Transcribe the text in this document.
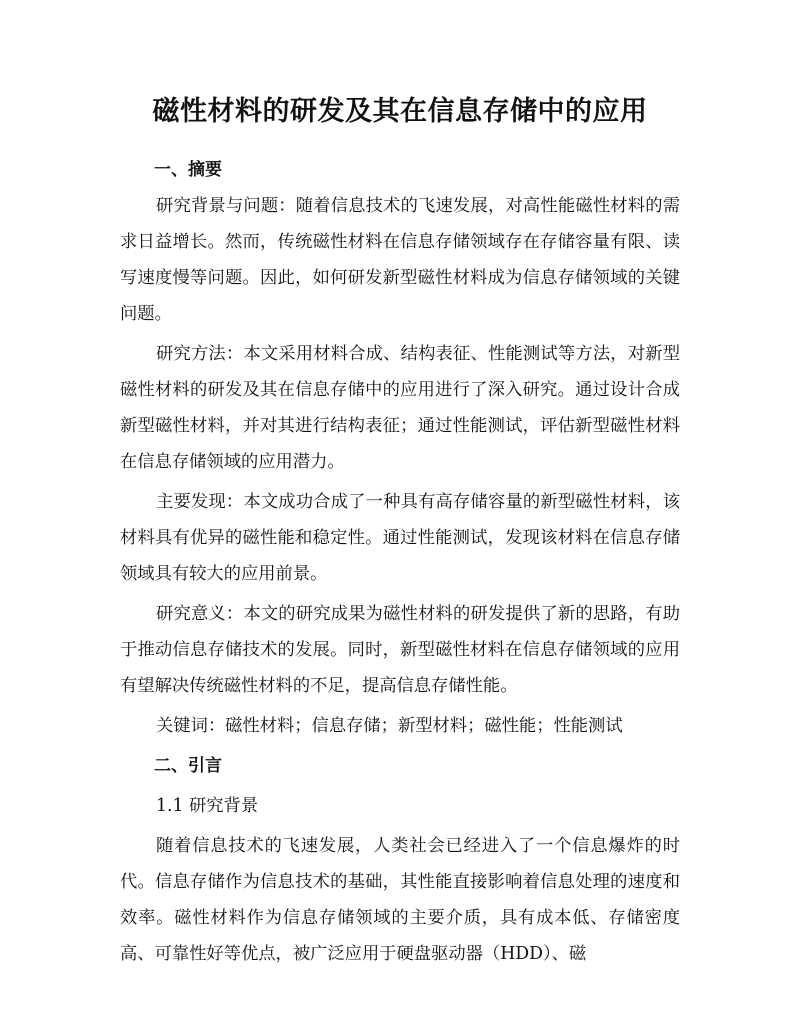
磁性材料的研发及其在信息存储中的应用
一、摘要

研究背景与问题：随着信息技术的飞速发展，对高性能磁性材料的需求日益增长。然而，传统磁性材料在信息存储领域存在存储容量有限、读写速度慢等问题。因此，如何研发新型磁性材料成为信息存储领域的关键问题。

研究方法：本文采用材料合成、结构表征、性能测试等方法，对新型磁性材料的研发及其在信息存储中的应用进行了深入研究。通过设计合成新型磁性材料，并对其进行结构表征；通过性能测试，评估新型磁性材料在信息存储领域的应用潜力。

主要发现：本文成功合成了一种具有高存储容量的新型磁性材料，该材料具有优异的磁性能和稳定性。通过性能测试，发现该材料在信息存储领域具有较大的应用前景。

研究意义：本文的研究成果为磁性材料的研发提供了新的思路，有助于推动信息存储技术的发展。同时，新型磁性材料在信息存储领域的应用有望解决传统磁性材料的不足，提高信息存储性能。

关键词：磁性材料；信息存储；新型材料；磁性能；性能测试

二、引言

1.1 研究背景

随着信息技术的飞速发展，人类社会已经进入了一个信息爆炸的时代。信息存储作为信息技术的基础，其性能直接影响着信息处理的速度和效率。磁性材料作为信息存储领域的主要介质，具有成本低、存储密度高、可靠性好等优点，被广泛应用于硬盘驱动器（HDD）、磁
